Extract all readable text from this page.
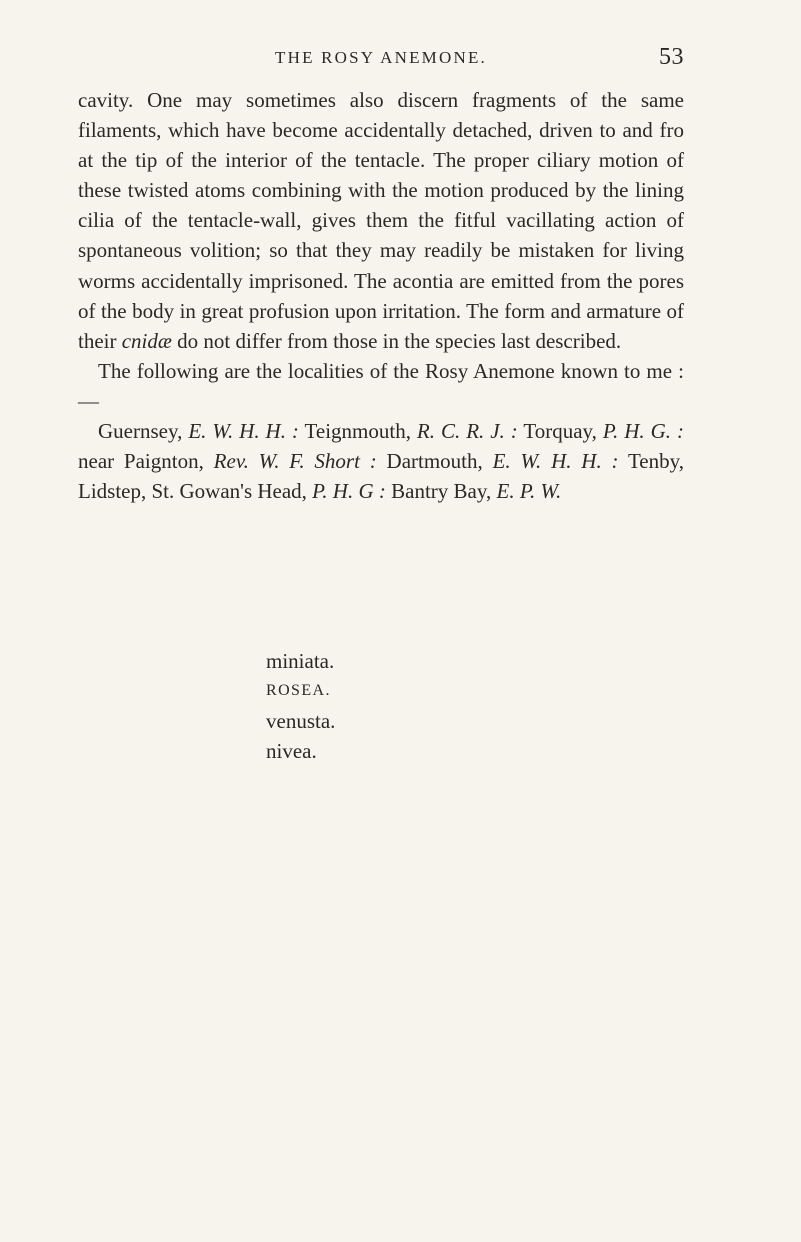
THE ROSY ANEMONE.	53

cavity. One may sometimes also discern fragments of the same filaments, which have become accidentally detached, driven to and fro at the tip of the interior of the tentacle. The proper ciliary motion of these twisted atoms combining with the motion produced by the lining cilia of the tentacle-wall, gives them the fitful vacillating action of spontaneous volition; so that they may readily be mistaken for living worms accidentally imprisoned. The acontia are emitted from the pores of the body in great profusion upon irritation. The form and armature of their cnidæ do not differ from those in the species last described.

The following are the localities of the Rosy Anemone known to me :—

Guernsey, E. W. H. H. : Teignmouth, R. C. R. J. : Torquay, P. H. G. : near Paignton, Rev. W. F. Short : Dartmouth, E. W. H. H. : Tenby, Lidstep, St. Gowan's Head, P. H. G : Bantry Bay, E. P. W.

miniata.
ROSEA.
venusta.
nivea.
